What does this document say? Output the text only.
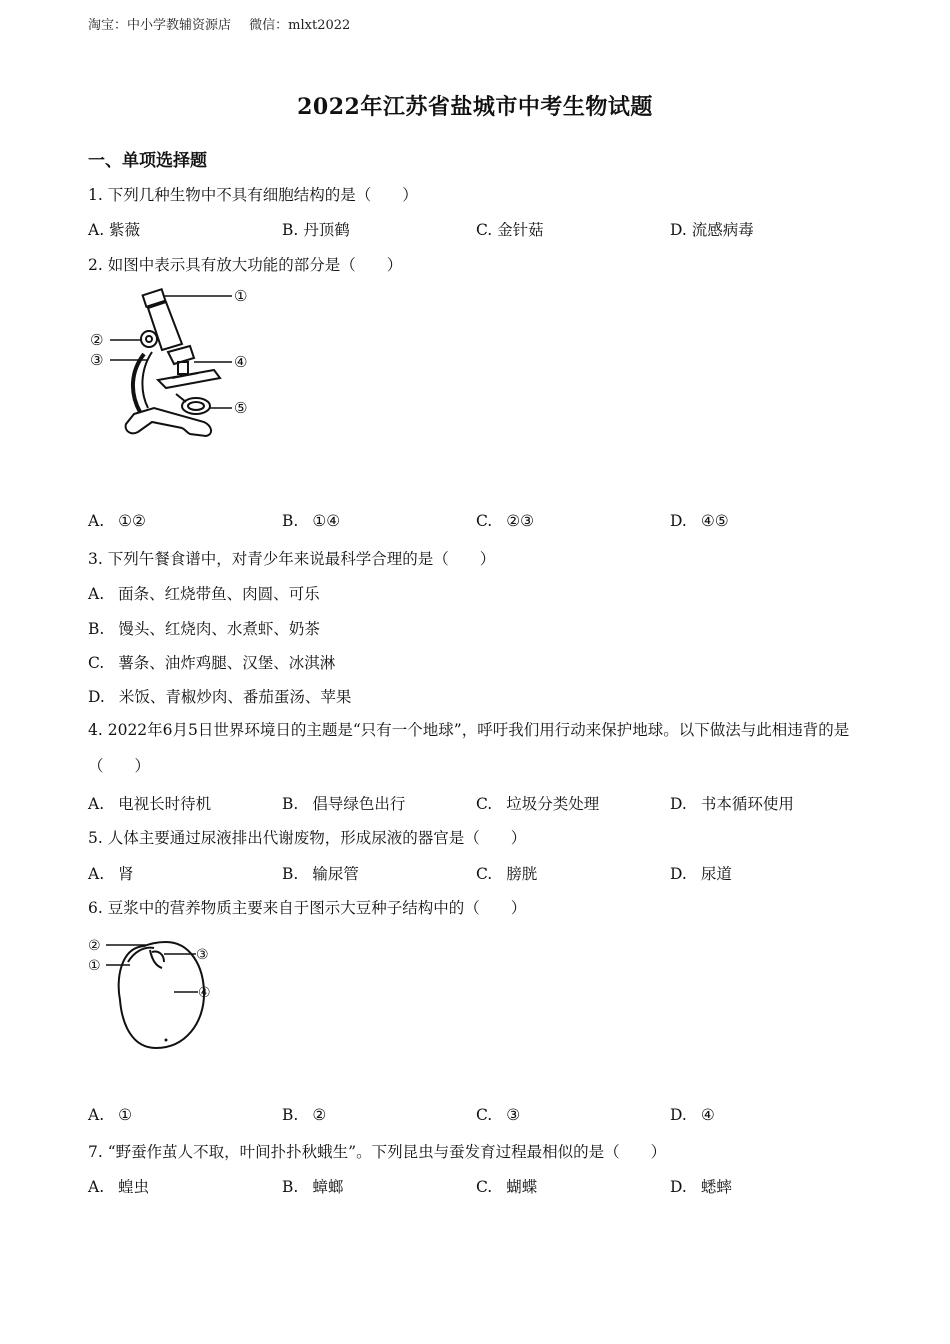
淘宝：中小学教辅资源店 微信：mlxt2022
2022年江苏省盐城市中考生物试题
一、单项选择题
1. 下列几种生物中不具有细胞结构的是（　　）
A. 紫薇	B. 丹顶鹤	C. 金针菇	D. 流感病毒
2. 如图中表示具有放大功能的部分是（　　）
①
②
③	④
⑤
A. ①②	B. ①④	C. ②③	D. ④⑤
3. 下列午餐食谱中，对青少年来说最科学合理的是（　　）
A. 面条、红烧带鱼、肉圆、可乐
B. 馒头、红烧肉、水煮虾、奶茶
C. 薯条、油炸鸡腿、汉堡、冰淇淋
D. 米饭、青椒炒肉、番茄蛋汤、苹果
4. 2022年6月5日世界环境日的主题是“只有一个地球”，呼吁我们用行动来保护地球。以下做法与此相违背的是（　　）
A. 电视长时待机	B. 倡导绿色出行	C. 垃圾分类处理	D. 书本循环使用
5. 人体主要通过尿液排出代谢废物，形成尿液的器官是（　　）
A. 肾	B. 输尿管	C. 膀胱	D. 尿道
6. 豆浆中的营养物质主要来自于图示大豆种子结构中的（　　）
②
①
③
④
A. ①	B. ②	C. ③	D. ④
7. “野蚕作茧人不取，叶间扑扑秋蛾生”。下列昆虫与蚕发育过程最相似的是（　　）
A. 蝗虫	B. 蟑螂	C. 蝴蝶	D. 蟋蟀
